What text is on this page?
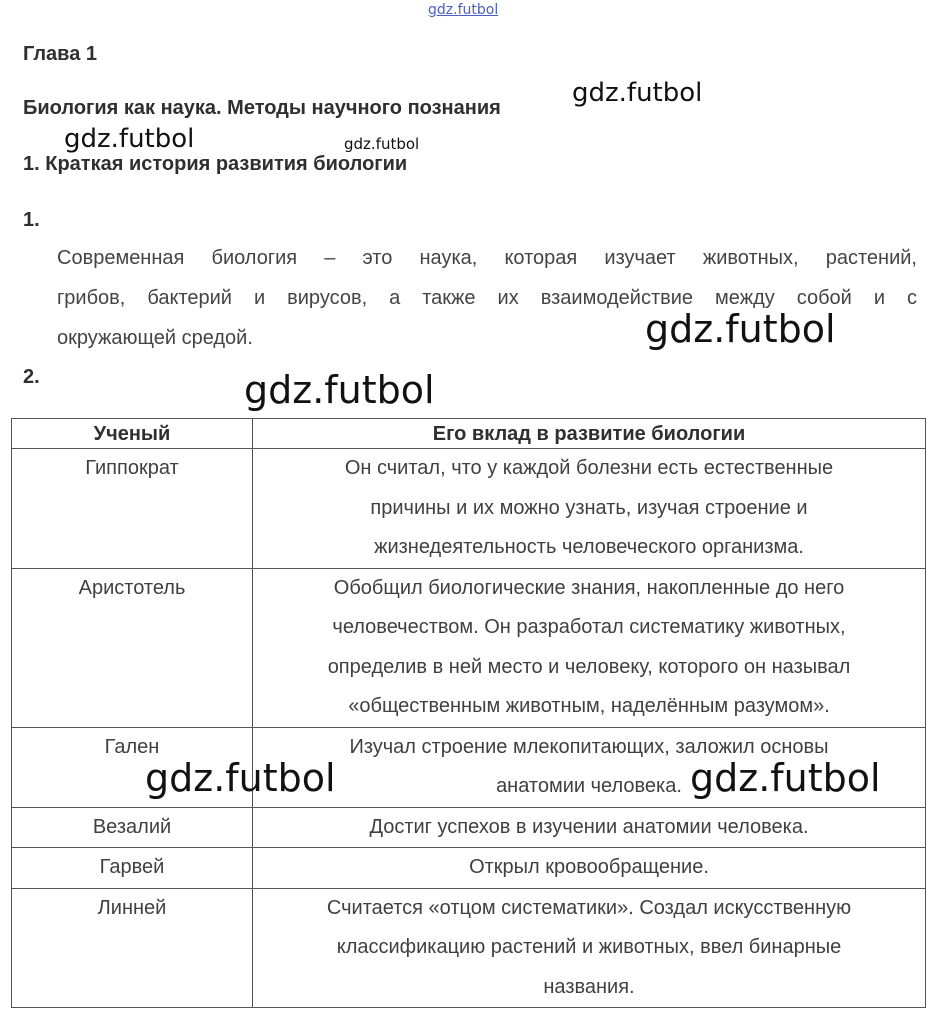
gdz.futbol
Глава 1
Биология как наука. Методы научного познания
1. Краткая история развития биологии
1.
Современная биология – это наука, которая изучает животных, растений,
грибов, бактерий и вирусов, а также их взаимодействие между собой и с
окружающей средой.
2.
Ученый	Его вклад в развитие биологии
Гиппократ	Он считал, что у каждой болезни есть естественные
причины и их можно узнать, изучая строение и
жизнедеятельность человеческого организма.

Аристотель	Обобщил биологические знания, накопленные до него
человечеством. Он разработал систематику животных,
определив в ней место и человеку, которого он называл
«общественным животным, наделённым разумом».

Гален	Изучал строение млекопитающих, заложил основы
анатомии человека.

Везалий	Достиг успехов в изучении анатомии человека.

Гарвей	Открыл кровообращение.

Линней	Считается «отцом систематики». Создал искусственную
классификацию растений и животных, ввел бинарные
названия.
gdz.futbol
gdz.futbol	gdz.futbol
gdz.futbol
gdz.futbol
gdz.futbol	gdz.futbol
